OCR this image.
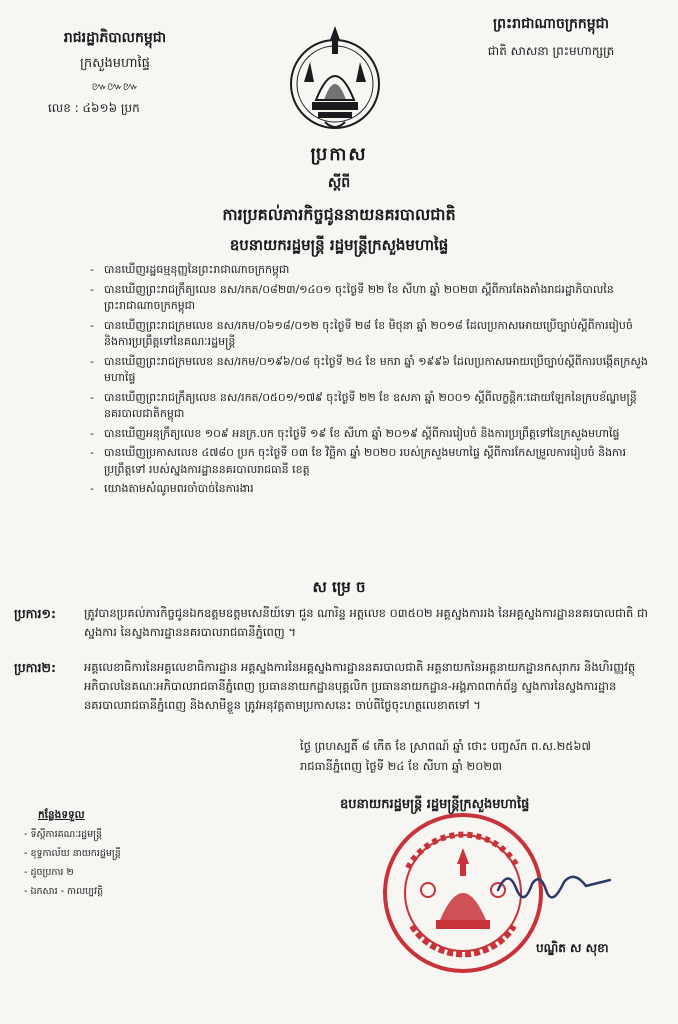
រាជរដ្ឋាភិបាលកម្ពុជា
ក្រសួងមហាផ្ទៃ
៚៚៚
លេខ : ៤៦១៦ ប្រក
ព្រះរាជាណាចក្រកម្ពុជា
ជាតិ សាសនា ព្រះមហាក្សត្រ
ប្រកាស
ស្តីពី
ការប្រគល់ភារកិច្ចជូននាយនគរបាលជាតិ
ឧបនាយករដ្ឋមន្ត្រី រដ្ឋមន្ត្រីក្រសួងមហាផ្ទៃ
- បានឃើញរដ្ឋធម្មនុញ្ញនៃព្រះរាជាណាចក្រកម្ពុជា
- បានឃើញព្រះរាជក្រឹត្យលេខ នស/រកត/០៨២៣/១៤០១ ចុះថ្ងៃទី ២២ ខែ សីហា ឆ្នាំ ២០២៣ ស្តីពីការតែងតាំងរាជរដ្ឋាភិបាលនៃព្រះរាជាណាចក្រកម្ពុជា
- បានឃើញព្រះរាជក្រមលេខ នស/រកម/០៦១៨/០១២ ចុះថ្ងៃទី ២៨ ខែ មិថុនា ឆ្នាំ ២០១៨ ដែលប្រកាសអោយប្រើច្បាប់ស្តីពីការរៀបចំ និងការប្រព្រឹត្តទៅនៃគណៈរដ្ឋមន្ត្រី
- បានឃើញព្រះរាជក្រមលេខ នស/រកម/០១៩៦/០៨ ចុះថ្ងៃទី ២៤ ខែ មករា ឆ្នាំ ១៩៩៦ ដែលប្រកាសអោយប្រើច្បាប់ស្តីពីការបង្កើតក្រសួងមហាផ្ទៃ
- បានឃើញព្រះរាជក្រឹត្យលេខ នស/រកត/០៥០១/១៧៩ ចុះថ្ងៃទី ២២ ខែ ឧសភា ឆ្នាំ ២០០១ ស្តីពីលក្ខន្តិកៈដោយឡែកនៃក្របខ័ណ្ឌមន្ត្រីនគរបាលជាតិកម្ពុជា
- បានឃើញអនុក្រឹត្យលេខ ១០៩ អនក្រ.បក ចុះថ្ងៃទី ១៩ ខែ សីហា ឆ្នាំ ២០១៩ ស្តីពីការរៀបចំ និងការប្រព្រឹត្តទៅនៃក្រសួងមហាផ្ទៃ
- បានឃើញប្រកាសលេខ ៤៧៨០ ប្រក ចុះថ្ងៃទី ០៣ ខែ វិច្ឆិកា ឆ្នាំ ២០២០ របស់ក្រសួងមហាផ្ទៃ ស្តីពីការកែសម្រួលការរៀបចំ និងការប្រព្រឹត្តទៅ របស់ស្នងការដ្ឋាននគរបាលរាជធានី ខេត្ត
- យោងតាមសំណូមពរចាំបាច់នៃការងារ
ស ម្រេ ច
ប្រការ១:	ត្រូវបានប្រគល់ភារកិច្ចជូនឯកឧត្តមឧត្តមសេនីយ៍ទោ ជួន ណារិន្ទ អត្តលេខ ០៣៥០២ អគ្គស្នងការរង នៃអគ្គស្នងការដ្ឋាននគរបាលជាតិ ជាស្នងការ នៃស្នងការដ្ឋាននគរបាលរាជធានីភ្នំពេញ ។
ប្រការ២:	អគ្គលេខាធិការនៃអគ្គលេខាធិការដ្ឋាន អគ្គស្នងការនៃអគ្គស្នងការដ្ឋាននគរបាលជាតិ អគ្គនាយកនៃអគ្គនាយកដ្ឋានកសុរាករ និងហិរញ្ញវត្ថុ អភិបាលនៃគណៈអភិបាលរាជធានីភ្នំពេញ ប្រធាននាយកដ្ឋានបុគ្គលិក ប្រធាននាយកដ្ឋាន-អង្គភាពពាក់ព័ន្ធ ស្នងការនៃស្នងការដ្ឋាននគរបាលរាជធានីភ្នំពេញ និងសាមីខ្លួន ត្រូវអនុវត្តតាមប្រកាសនេះ ចាប់ពីថ្ងៃចុះហត្ថលេខាតទៅ ។
ថ្ងៃ ព្រហស្បតិ៍ ៨ កើត ខែ ស្រាពណ៍ ឆ្នាំ ថោះ បញ្ចស័ក ព.ស.២៥៦៧
រាជធានីភ្នំពេញ ថ្ងៃទី ២៤ ខែ សីហា ឆ្នាំ ២០២៣
ឧបនាយករដ្ឋមន្ត្រី រដ្ឋមន្ត្រីក្រសួងមហាផ្ទៃ
កន្លែងទទួល
- ទីស្តីការគណៈរដ្ឋមន្ត្រី
- ខុទ្ទកាល័យ នាយករដ្ឋមន្ត្រី
- ដូចប្រការ ២
- ឯកសារ - កាលប្បវត្តិ
បណ្ឌិត ស សុខា
